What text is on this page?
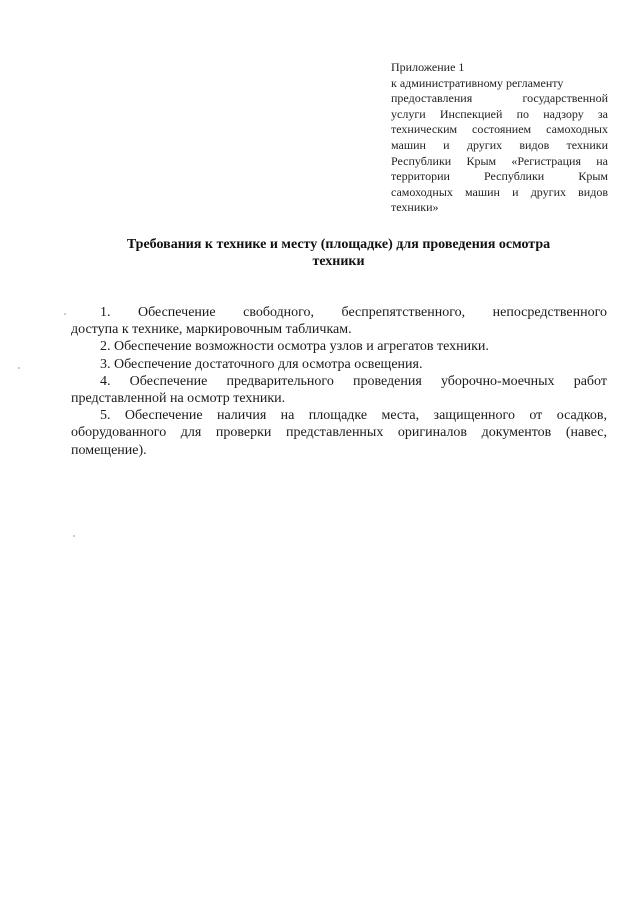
Приложение 1
к административному регламенту
предоставления государственной
услуги Инспекцией по надзору за
техническим состоянием самоходных
машин и других видов техники
Республики Крым «Регистрация на
территории Республики Крым
самоходных машин и других видов
техники»
Требования к технике и месту (площадке) для проведения осмотра
техники
1. Обеспечение свободного, беспрепятственного, непосредственного
доступа к технике, маркировочным табличкам.
2. Обеспечение возможности осмотра узлов и агрегатов техники.
3. Обеспечение достаточного для осмотра освещения.
4. Обеспечение предварительного проведения уборочно-моечных работ
представленной на осмотр техники.
5. Обеспечение наличия на площадке места, защищенного от осадков,
оборудованного для проверки представленных оригиналов документов (навес,
помещение).
